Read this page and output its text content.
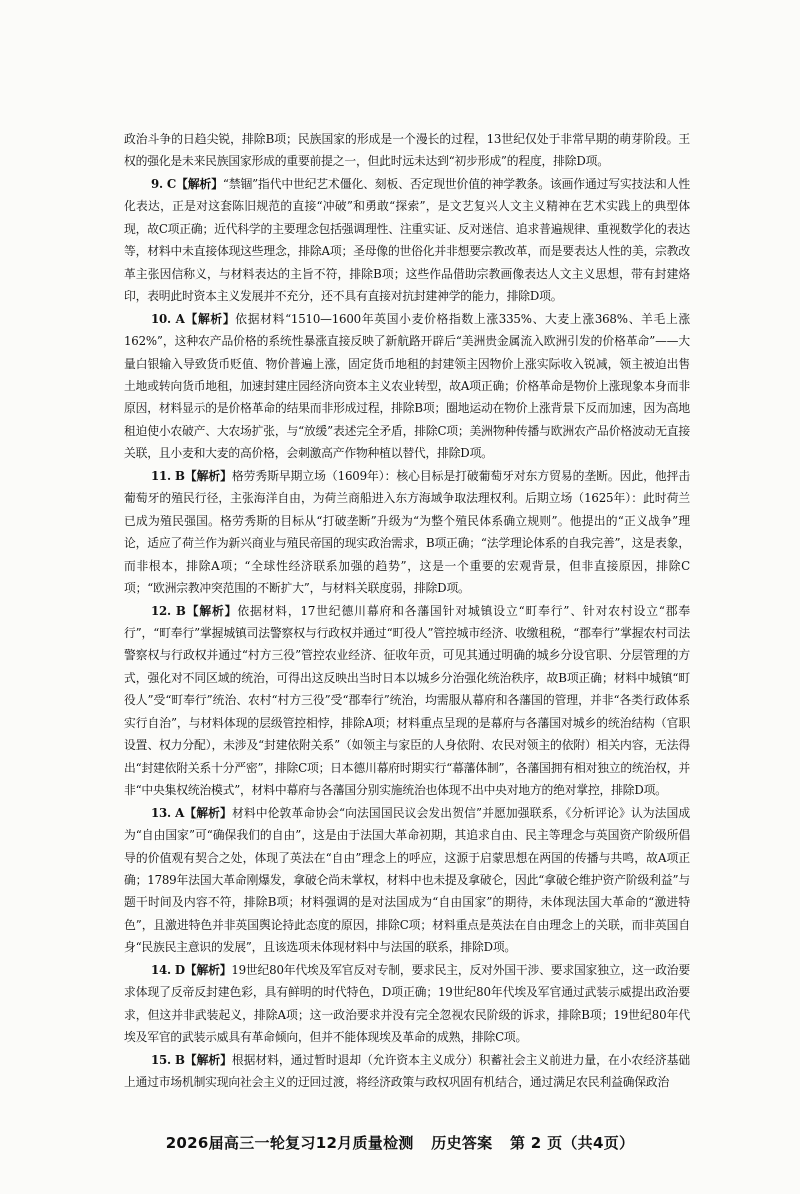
政治斗争的日趋尖锐，排除B项；民族国家的形成是一个漫长的过程，13世纪仅处于非常早期的萌芽阶段。王权的强化是未来民族国家形成的重要前提之一，但此时远未达到“初步形成”的程度，排除D项。

9. C【解析】“禁锢”指代中世纪艺术僵化、刻板、否定现世价值的神学教条。该画作通过写实技法和人性化表达，正是对这套陈旧规范的直接“冲破”和勇敢“探索”，是文艺复兴人文主义精神在艺术实践上的典型体现，故C项正确；近代科学的主要理念包括强调理性、注重实证、反对迷信、追求普遍规律、重视数学化的表达等，材料中未直接体现这些理念，排除A项；圣母像的世俗化并非想要宗教改革，而是要表达人性的美，宗教改革主张因信称义，与材料表达的主旨不符，排除B项；这些作品借助宗教画像表达人文主义思想，带有封建烙印，表明此时资本主义发展并不充分，还不具有直接对抗封建神学的能力，排除D项。

10. A【解析】依据材料“1510—1600年英国小麦价格指数上涨335%、大麦上涨368%、羊毛上涨162%”，这种农产品价格的系统性暴涨直接反映了新航路开辟后“美洲贵金属流入欧洲引发的价格革命”——大量白银输入导致货币贬值、物价普遍上涨，固定货币地租的封建领主因物价上涨实际收入锐减，领主被迫出售土地或转向货币地租，加速封建庄园经济向资本主义农业转型，故A项正确；价格革命是物价上涨现象本身而非原因，材料显示的是价格革命的结果而非形成过程，排除B项；圈地运动在物价上涨背景下反而加速，因为高地租迫使小农破产、大农场扩张，与“放缓”表述完全矛盾，排除C项；美洲物种传播与欧洲农产品价格波动无直接关联，且小麦和大麦的高价格，会刺激高产作物种植以替代，排除D项。

11. B【解析】格劳秀斯早期立场（1609年）：核心目标是打破葡萄牙对东方贸易的垄断。因此，他抨击葡萄牙的殖民行径，主张海洋自由，为荷兰商船进入东方海域争取法理权利。后期立场（1625年）：此时荷兰已成为殖民强国。格劳秀斯的目标从“打破垄断”升级为“为整个殖民体系确立规则”。他提出的“正义战争”理论，适应了荷兰作为新兴商业与殖民帝国的现实政治需求，B项正确；“法学理论体系的自我完善”，这是表象，而非根本，排除A项；“全球性经济联系加强的趋势”，这是一个重要的宏观背景，但非直接原因，排除C项；“欧洲宗教冲突范围的不断扩大”，与材料关联度弱，排除D项。

12. B【解析】依据材料，17世纪德川幕府和各藩国针对城镇设立“町奉行”、针对农村设立“郡奉行”，“町奉行”掌握城镇司法警察权与行政权并通过“町役人”管控城市经济、收缴租税，“郡奉行”掌握农村司法警察权与行政权并通过“村方三役”管控农业经济、征收年贡，可见其通过明确的城乡分设官职、分层管理的方式，强化对不同区域的统治，可得出这反映出当时日本以城乡分治强化统治秩序，故B项正确；材料中城镇“町役人”受“町奉行”统治、农村“村方三役”受“郡奉行”统治，均需服从幕府和各藩国的管理，并非“各类行政体系实行自治”，与材料体现的层级管控相悖，排除A项；材料重点呈现的是幕府与各藩国对城乡的统治结构（官职设置、权力分配），未涉及“封建依附关系”（如领主与家臣的人身依附、农民对领主的依附）相关内容，无法得出“封建依附关系十分严密”，排除C项；日本德川幕府时期实行“幕藩体制”，各藩国拥有相对独立的统治权，并非“中央集权统治模式”，材料中幕府与各藩国分别实施统治也体现不出中央对地方的绝对掌控，排除D项。

13. A【解析】材料中伦敦革命协会“向法国国民议会发出贺信”并愿加强联系，《分析评论》认为法国成为“自由国家”可“确保我们的自由”，这是由于法国大革命初期，其追求自由、民主等理念与英国资产阶级所倡导的价值观有契合之处，体现了英法在“自由”理念上的呼应，这源于启蒙思想在两国的传播与共鸣，故A项正确；1789年法国大革命刚爆发，拿破仑尚未掌权，材料中也未提及拿破仑，因此“拿破仑维护资产阶级利益”与题干时间及内容不符，排除B项；材料强调的是对法国成为“自由国家”的期待，未体现法国大革命的“激进特色”，且激进特色并非英国舆论持此态度的原因，排除C项；材料重点是英法在自由理念上的关联，而非英国自身“民族民主意识的发展”，且该选项未体现材料中与法国的联系，排除D项。

14. D【解析】19世纪80年代埃及军官反对专制，要求民主，反对外国干涉、要求国家独立，这一政治要求体现了反帝反封建色彩，具有鲜明的时代特色，D项正确；19世纪80年代埃及军官通过武装示威提出政治要求，但这并非武装起义，排除A项；这一政治要求并没有完全忽视农民阶级的诉求，排除B项；19世纪80年代埃及军官的武装示威具有革命倾向，但并不能体现埃及革命的成熟，排除C项。

15. B【解析】根据材料，通过暂时退却（允许资本主义成分）积蓄社会主义前进力量，在小农经济基础上通过市场机制实现向社会主义的迂回过渡，将经济政策与政权巩固有机结合，通过满足农民利益确保政治

2026届高三一轮复习12月质量检测 历史答案 第 2 页（共4页）
